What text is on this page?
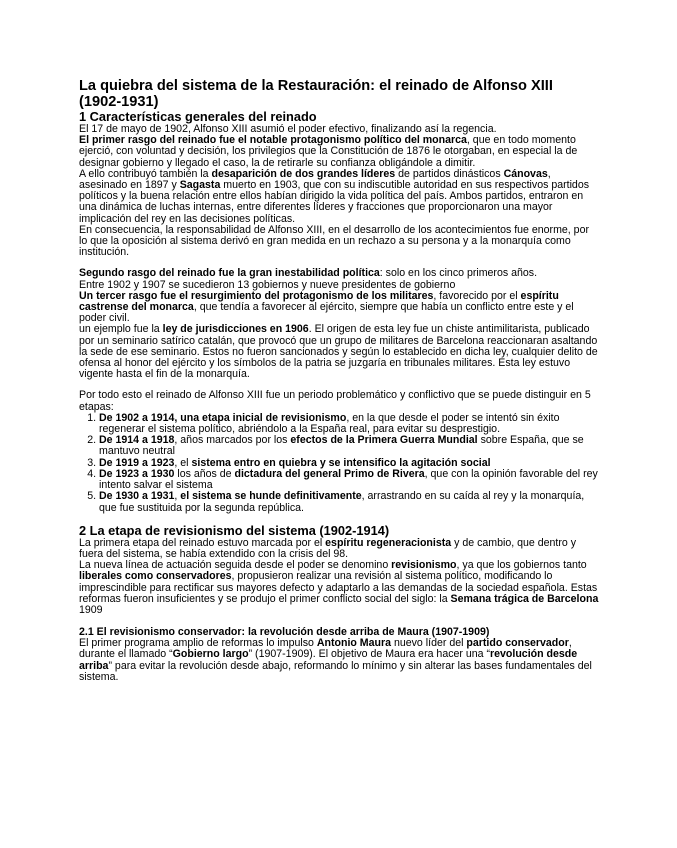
La quiebra del sistema de la Restauración: el reinado de Alfonso XIII (1902-1931)

1 Características generales del reinado

El 17 de mayo de 1902, Alfonso XIII asumió el poder efectivo, finalizando así la regencia.

El primer rasgo del reinado fue el notable protagonismo político del monarca, que en todo momento ejerció, con voluntad y decisión, los privilegios que la Constitución de 1876 le otorgaban, en especial la de designar gobierno y llegado el caso, la de retirarle su confianza obligándole a dimitir.

A ello contribuyó también la desaparición de dos grandes líderes de partidos dinásticos Cánovas, asesinado en 1897 y Sagasta muerto en 1903, que con su indiscutible autoridad en sus respectivos partidos políticos y la buena relación entre ellos habían dirigido la vida política del país. Ambos partidos, entraron en una dinámica de luchas internas, entre diferentes líderes y fracciones que proporcionaron una mayor implicación del rey en las decisiones políticas.

En consecuencia, la responsabilidad de Alfonso XIII, en el desarrollo de los acontecimientos fue enorme, por lo que la oposición al sistema derivó en gran medida en un rechazo a su persona y a la monarquía como institución.

Segundo rasgo del reinado fue la gran inestabilidad política: solo en los cinco primeros años.

Entre 1902 y 1907 se sucedieron 13 gobiernos y nueve presidentes de gobierno

Un tercer rasgo fue el resurgimiento del protagonismo de los militares, favorecido por el espíritu castrense del monarca, que tendía a favorecer al ejército, siempre que había un conflicto entre este y el poder civil.

un ejemplo fue la ley de jurisdicciones en 1906. El origen de esta ley fue un chiste antimilitarista, publicado por un seminario satírico catalán, que provocó que un grupo de militares de Barcelona reaccionaran asaltando la sede de ese seminario. Estos no fueron sancionados y según lo establecido en dicha ley, cualquier delito de ofensa al honor del ejército y los símbolos de la patria se juzgaría en tribunales militares. Esta ley estuvo vigente hasta el fin de la monarquía.

Por todo esto el reinado de Alfonso XIII fue un periodo problemático y conflictivo que se puede distinguir en 5 etapas:

1. De 1902 a 1914, una etapa inicial de revisionismo, en la que desde el poder se intentó sin éxito regenerar el sistema político, abriéndolo a la España real, para evitar su desprestigio.
2. De 1914 a 1918, años marcados por los efectos de la Primera Guerra Mundial sobre España, que se mantuvo neutral
3. De 1919 a 1923, el sistema entro en quiebra y se intensifico la agitación social
4. De 1923 a 1930 los años de dictadura del general Primo de Rivera, que con la opinión favorable del rey intento salvar el sistema
5. De 1930 a 1931, el sistema se hunde definitivamente, arrastrando en su caída al rey y la monarquía, que fue sustituida por la segunda república.

2 La etapa de revisionismo del sistema (1902-1914)

La primera etapa del reinado estuvo marcada por el espíritu regeneracionista y de cambio, que dentro y fuera del sistema, se había extendido con la crisis del 98.

La nueva línea de actuación seguida desde el poder se denomino revisionismo, ya que los gobiernos tanto liberales como conservadores, propusieron realizar una revisión al sistema político, modificando lo imprescindible para rectificar sus mayores defecto y adaptarlo a las demandas de la sociedad española. Estas reformas fueron insuficientes y se produjo el primer conflicto social del siglo: la Semana trágica de Barcelona 1909

2.1 El revisionismo conservador: la revolución desde arriba de Maura (1907-1909)

El primer programa amplio de reformas lo impulso Antonio Maura nuevo líder del partido conservador, durante el llamado “Gobierno largo” (1907-1909). El objetivo de Maura era hacer una “revolución desde arriba” para evitar la revolución desde abajo, reformando lo mínimo y sin alterar las bases fundamentales del sistema.
